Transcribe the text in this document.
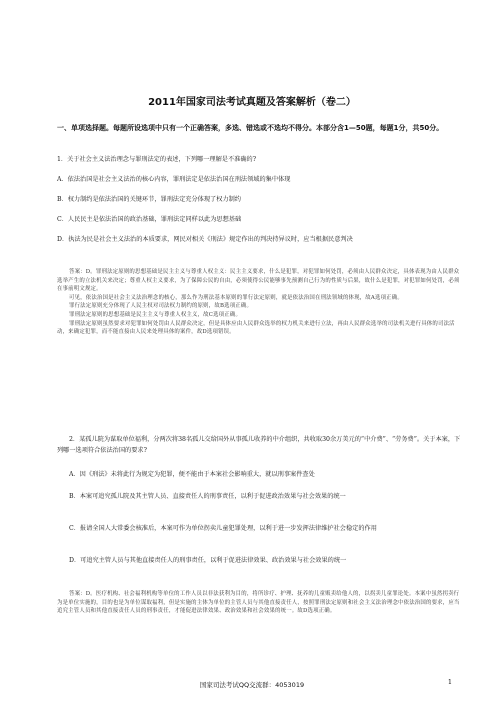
2011年国家司法考试真题及答案解析（卷二）
一、单项选择题。每题所设选项中只有一个正确答案，多选、错选或不选均不得分。本部分含1—50题，每题1分，共50分。
1．关于社会主义法治理念与罪刑法定的表述，下列哪一理解是不准确的?
A．依法治国是社会主义法治的核心内容，罪刑法定是依法治国在刑法领域的集中体现
B．权力制约是依法治国的关键环节，罪刑法定充分体现了权力制约
C．人民民主是依法治国的政治基础，罪刑法定同样以此为思想基础
D．执法为民是社会主义法治的本质要求，网民对相关《刑法》规定作出的判决持异议时，应当根据民意判决

答案：D。罪刑法定原则的思想基础是民主主义与尊重人权主义：民主主义要求，什么是犯罪，对犯罪如何处罚，必须由人民群众决定，具体表现为由人民群众选举产生的立法机关来决定；尊重人权主义要求，为了保障公民的自由，必须使得公民能够事先预测自己行为的性质与后果，故什么是犯罪，对犯罪如何处罚，必须在事前明文规定。

可见，依法治国是社会主义法治理念的核心，那么作为刑法基本原则的罪行法定原则，就是依法治国在刑法领域的体现，故A选项正确。

罪行法定原则充分体现了人民主权对司法权力制约的原则，故B选项正确。

罪刑法定原则的思想基础是民主主义与尊重人权主义，故C选项正确。

罪刑法定原则虽然要求对犯罪如何处罚由人民群众决定，但是具体应由人民群众选举的权力机关来进行立法，再由人民群众选举的司法机关进行具体的司法活动，来确定犯罪，而不能直接由人民来处理具体的案件，故D选项错误。

2．某孤儿院为谋取单位福利，分两次将38名孤儿交给国外从事孤儿收养的中介组织，共收取30余万美元的“中介费”、“劳务费”。关于本案，下列哪一选项符合依法治国的要求?
A．因《刑法》未将此行为规定为犯罪，便不能由于本案社会影响重大，就以刑事案件查处
B．本案可追究孤儿院及其主管人员、直接责任人的刑事责任，以利于促进政治效果与社会效果的统一
C．报请全国人大常委会核准后，本案可作为单位拐卖儿童犯罪处理，以利于进一步发挥法律维护社会稳定的作用
D．可追究主管人员与其他直接责任人的刑事责任，以利于促进法律效果、政治效果与社会效果的统一

答案：D。医疗机构、社会福利机构等单位的工作人员以非法获利为目的，将所诊疗、护理、抚养的儿童贩卖给他人的，以拐卖儿童罪论处。本案中虽然拐卖行为是单位实施的，目的也是为单位谋取福利，但是实施的主体为单位的主管人员与其他直接责任人，按照罪刑法定原则和社会主义法治理念中依法治国的要求，应当追究主管人员和其他直接责任人员的刑事责任，才能促进法律效果、政治效果和社会效果的统一。故D选项正确。

国家司法考试QQ交流群：4053019	1
